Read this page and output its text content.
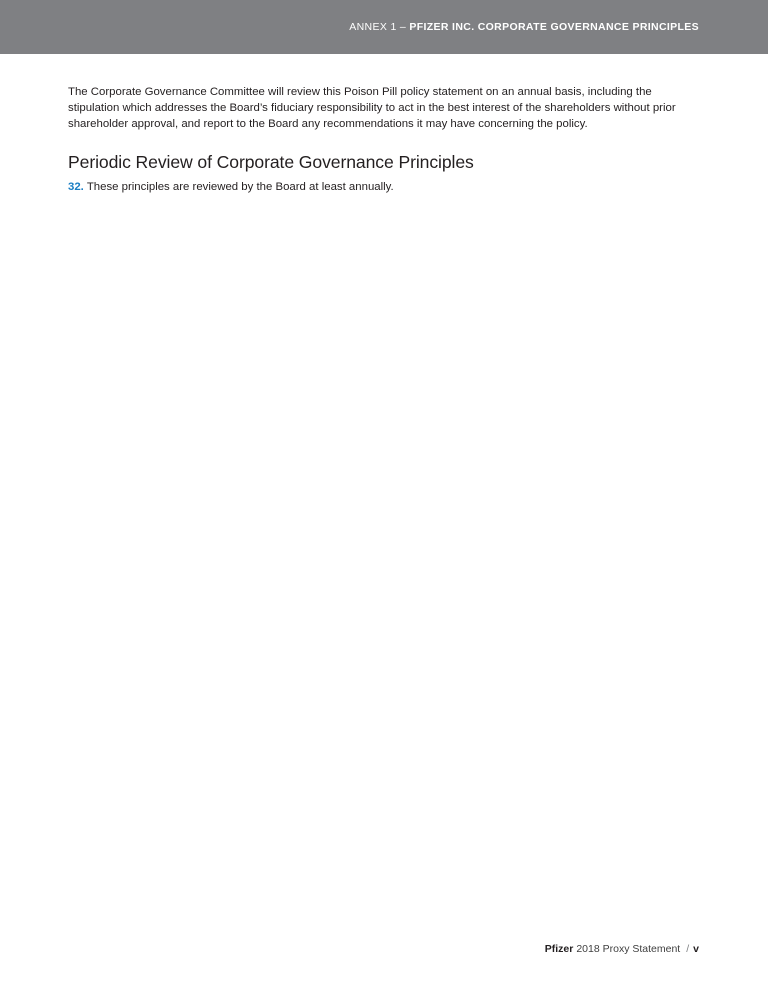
ANNEX 1 – PFIZER INC. CORPORATE GOVERNANCE PRINCIPLES

The Corporate Governance Committee will review this Poison Pill policy statement on an annual basis, including the stipulation which addresses the Board’s fiduciary responsibility to act in the best interest of the shareholders without prior shareholder approval, and report to the Board any recommendations it may have concerning the policy.

Periodic Review of Corporate Governance Principles

32. These principles are reviewed by the Board at least annually.

Pfizer 2018 Proxy Statement / v
